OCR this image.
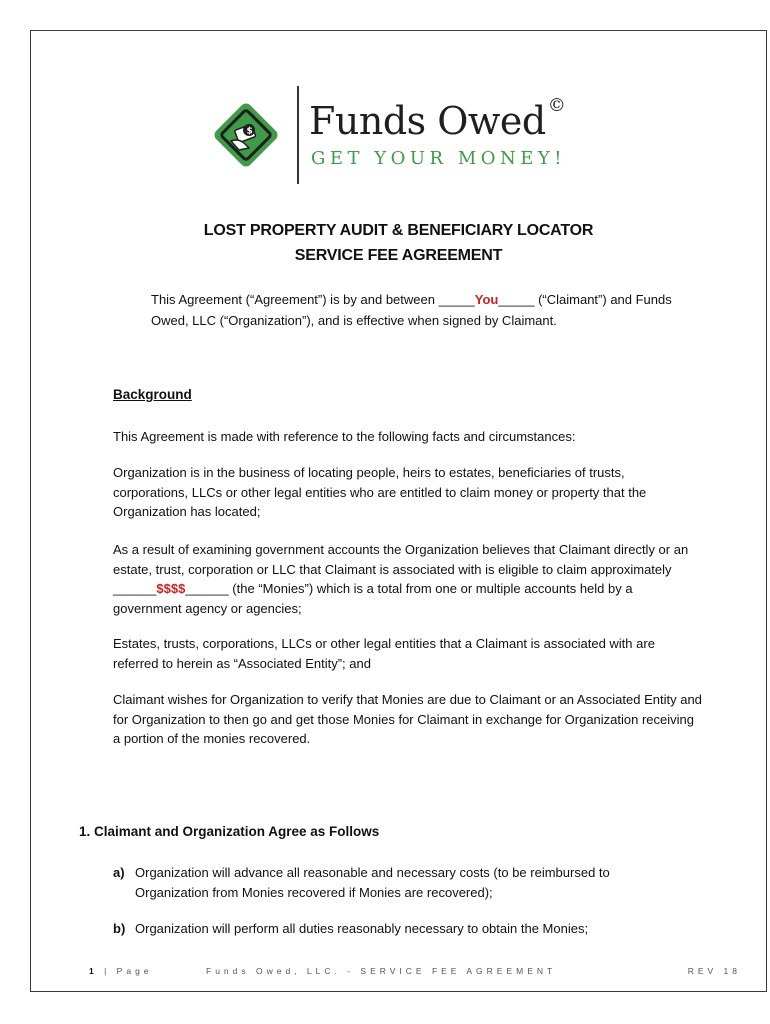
$ Funds Owed ©
GET YOUR MONEY!
LOST PROPERTY AUDIT & BENEFICIARY LOCATOR
SERVICE FEE AGREEMENT
This Agreement (“Agreement”) is by and between _____You_____ (“Claimant”) and Funds Owed, LLC (“Organization”), and is effective when signed by Claimant.
Background
This Agreement is made with reference to the following facts and circumstances:
Organization is in the business of locating people, heirs to estates, beneficiaries of trusts, corporations, LLCs or other legal entities who are entitled to claim money or property that the Organization has located;
As a result of examining government accounts the Organization believes that Claimant directly or an estate, trust, corporation or LLC that Claimant is associated with is eligible to claim approximately ______$$$$______ (the “Monies”) which is a total from one or multiple accounts held by a government agency or agencies;
Estates, trusts, corporations, LLCs or other legal entities that a Claimant is associated with are referred to herein as “Associated Entity”; and
Claimant wishes for Organization to verify that Monies are due to Claimant or an Associated Entity and for Organization to then go and get those Monies for Claimant in exchange for Organization receiving a portion of the monies recovered.
1. Claimant and Organization Agree as Follows
a) Organization will advance all reasonable and necessary costs (to be reimbursed to Organization from Monies recovered if Monies are recovered);
b) Organization will perform all duties reasonably necessary to obtain the Monies;
1 | Page	Funds Owed, LLC. - SERVICE FEE AGREEMENT	REV 18
